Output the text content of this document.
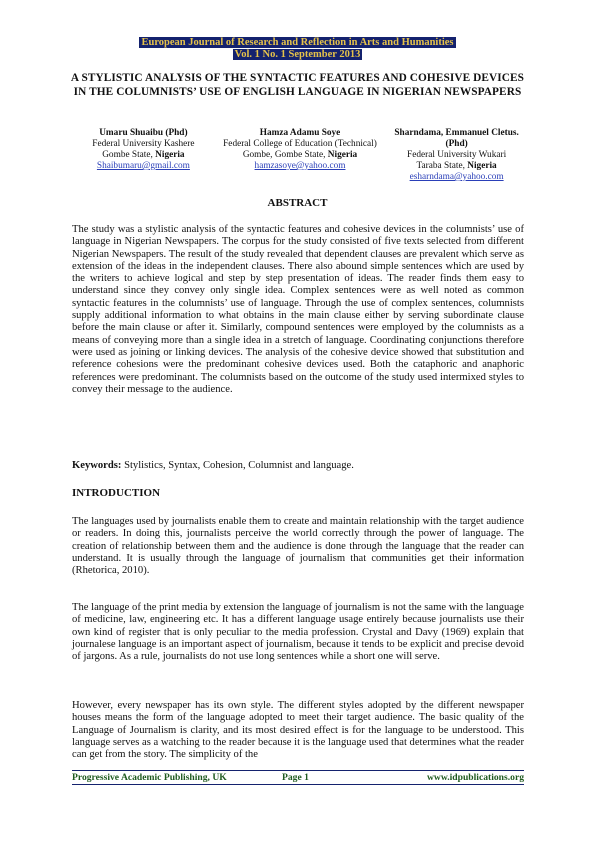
European Journal of Research and Reflection in Arts and Humanities
Vol. 1 No. 1 September 2013
A STYLISTIC ANALYSIS OF THE SYNTACTIC FEATURES AND COHESIVE DEVICES IN THE COLUMNISTS’ USE OF ENGLISH LANGUAGE IN NIGERIAN NEWSPAPERS
Umaru Shuaibu (Phd)
Federal University Kashere
Gombe State, Nigeria
Shaibumaru@gmail.com
Hamza Adamu Soye
Federal College of Education (Technical)
Gombe, Gombe State, Nigeria
hamzasoye@yahoo.com
Sharndama, Emmanuel Cletus. (Phd)
Federal University Wukari
Taraba State, Nigeria
esharndama@yahoo.com
ABSTRACT
The study was a stylistic analysis of the syntactic features and cohesive devices in the columnists’ use of language in Nigerian Newspapers. The corpus for the study consisted of five texts selected from different Nigerian Newspapers. The result of the study revealed that dependent clauses are prevalent which serve as extension of the ideas in the independent clauses. There also abound simple sentences which are used by the writers to achieve logical and step by step presentation of ideas. The reader finds them easy to understand since they convey only single idea. Complex sentences were as well noted as common syntactic features in the columnists’ use of language. Through the use of complex sentences, columnists supply additional information to what obtains in the main clause either by serving subordinate clause before the main clause or after it. Similarly, compound sentences were employed by the columnists as a means of conveying more than a single idea in a stretch of language. Coordinating conjunctions therefore were used as joining or linking devices. The analysis of the cohesive device showed that substitution and reference cohesions were the predominant cohesive devices used. Both the cataphoric and anaphoric references were predominant. The columnists based on the outcome of the study used intermixed styles to convey their message to the audience.
Keywords: Stylistics, Syntax, Cohesion, Columnist and language.
INTRODUCTION
The languages used by journalists enable them to create and maintain relationship with the target audience or readers. In doing this, journalists perceive the world correctly through the power of language. The creation of relationship between them and the audience is done through the language that the reader can understand. It is usually through the language of journalism that communities get their information (Rhetorica, 2010).
The language of the print media by extension the language of journalism is not the same with the language of medicine, law, engineering etc. It has a different language usage entirely because journalists use their own kind of register that is only peculiar to the media profession. Crystal and Davy (1969) explain that journalese language is an important aspect of journalism, because it tends to be explicit and precise devoid of jargons. As a rule, journalists do not use long sentences while a short one will serve.
However, every newspaper has its own style. The different styles adopted by the different newspaper houses means the form of the language adopted to meet their target audience. The basic quality of the Language of Journalism is clarity, and its most desired effect is for the language to be understood. This language serves as a watching to the reader because it is the language used that determines what the reader can get from the story. The simplicity of the
Progressive Academic Publishing, UK	Page 1	www.idpublications.org
